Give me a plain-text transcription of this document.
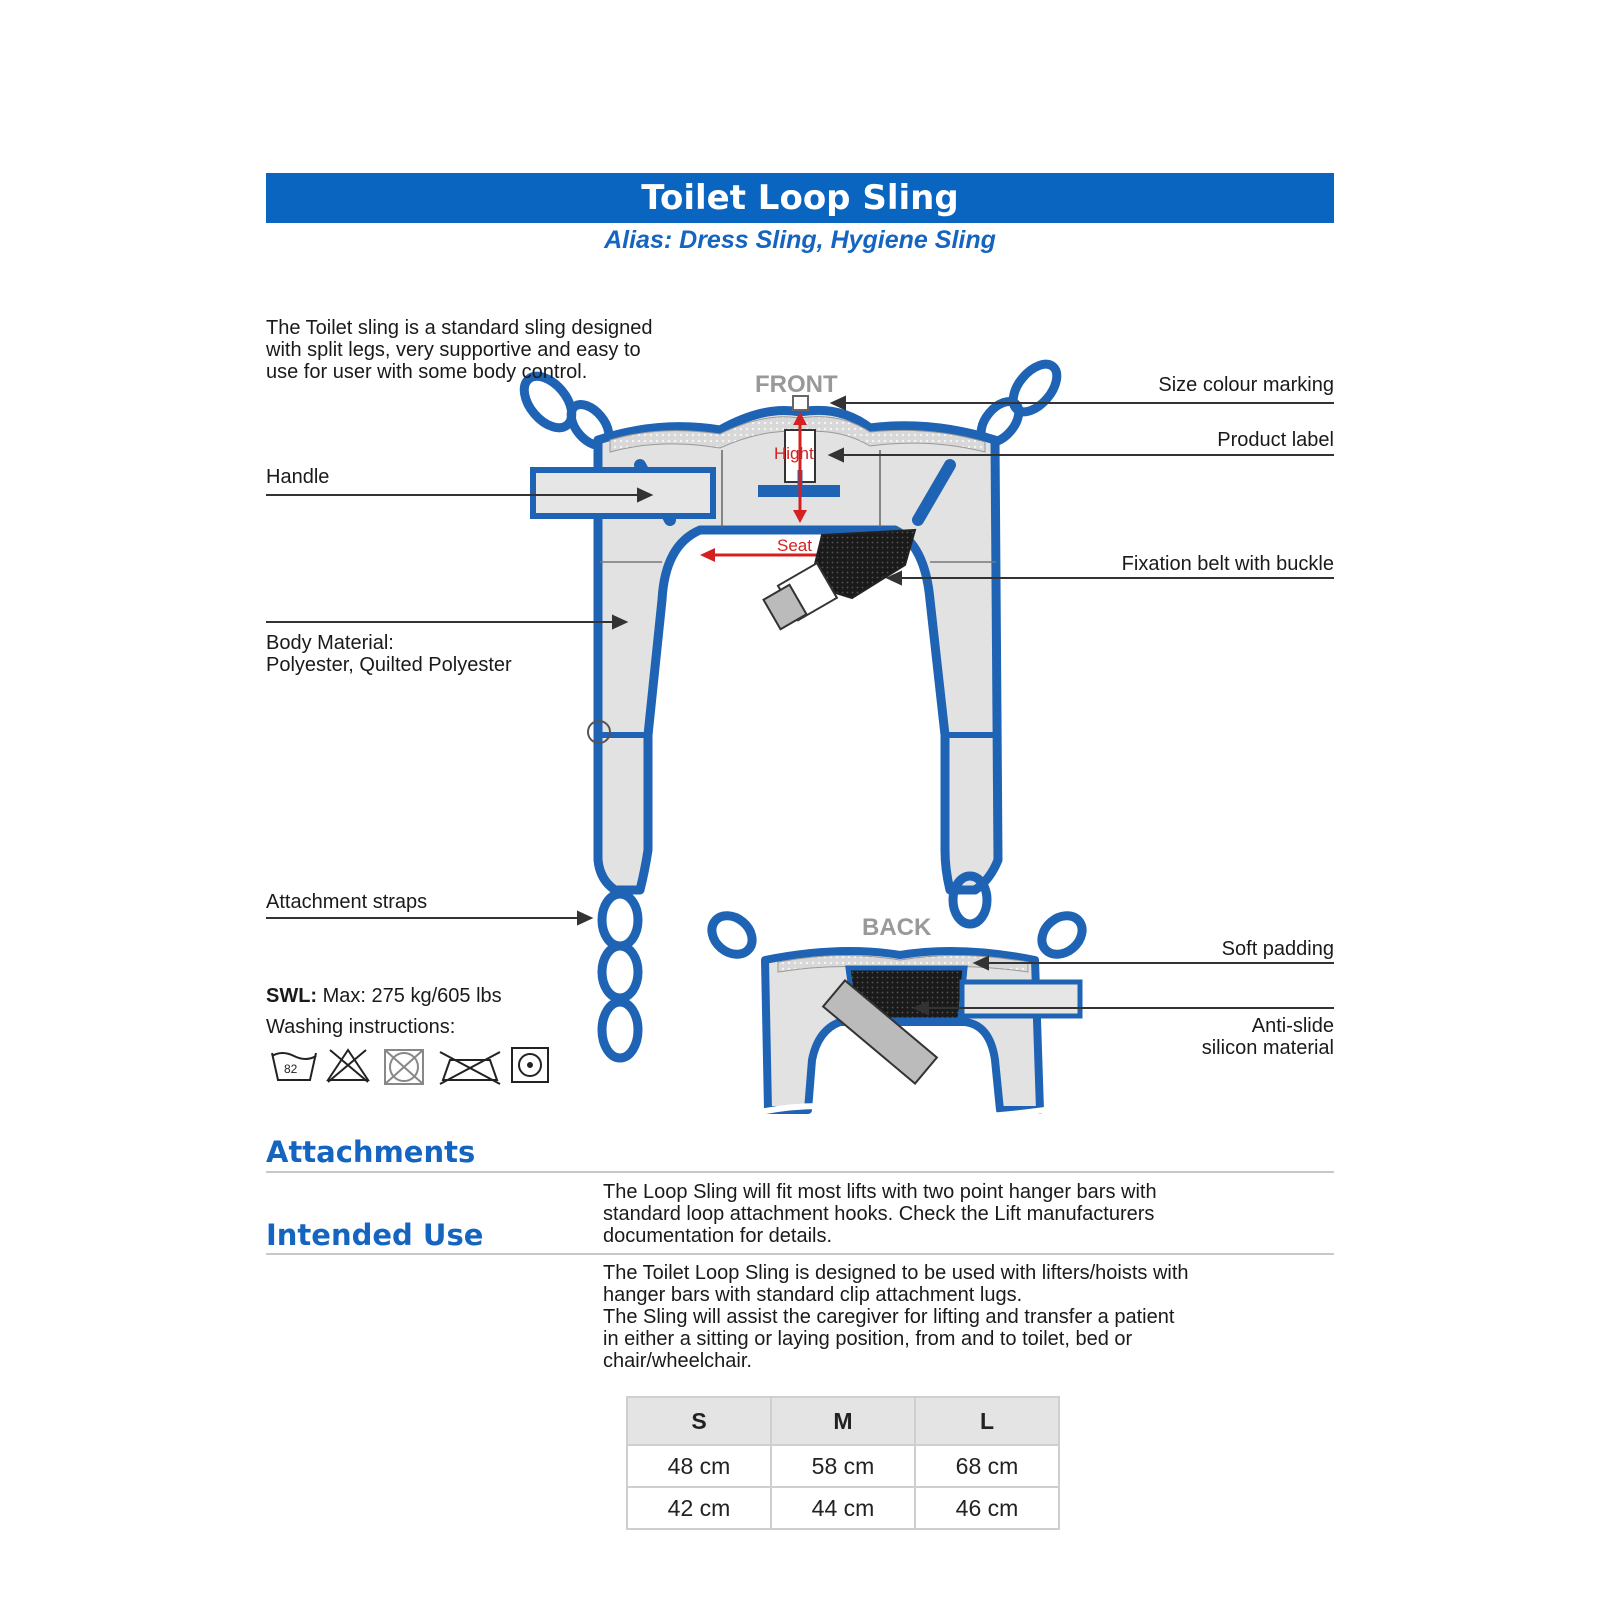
Toilet Loop Sling
Alias: Dress Sling, Hygiene Sling
FRONT
BACK
Hight
Seat
82
The Toilet sling is a standard sling designed
with split legs, very supportive and easy to
use for user with some body control.
Size colour marking
Product label
Handle
Fixation belt with buckle
Body Material:
Polyester, Quilted Polyester
Attachment straps
Soft padding
Anti-slide
silicon material
SWL: Max: 275 kg/605 lbs
Washing instructions:
Attachments
The Loop Sling will fit most lifts with two point hanger bars with
standard loop attachment hooks. Check the Lift manufacturers
documentation for details.
Intended Use
The Toilet Loop Sling is designed to be used with lifters/hoists with
hanger bars with standard clip attachment lugs.
The Sling will assist the caregiver for lifting and transfer a patient
in either a sitting or laying position, from and to toilet, bed or
chair/wheelchair.
S	M	L
48 cm	58 cm	68 cm
42 cm	44 cm	46 cm
